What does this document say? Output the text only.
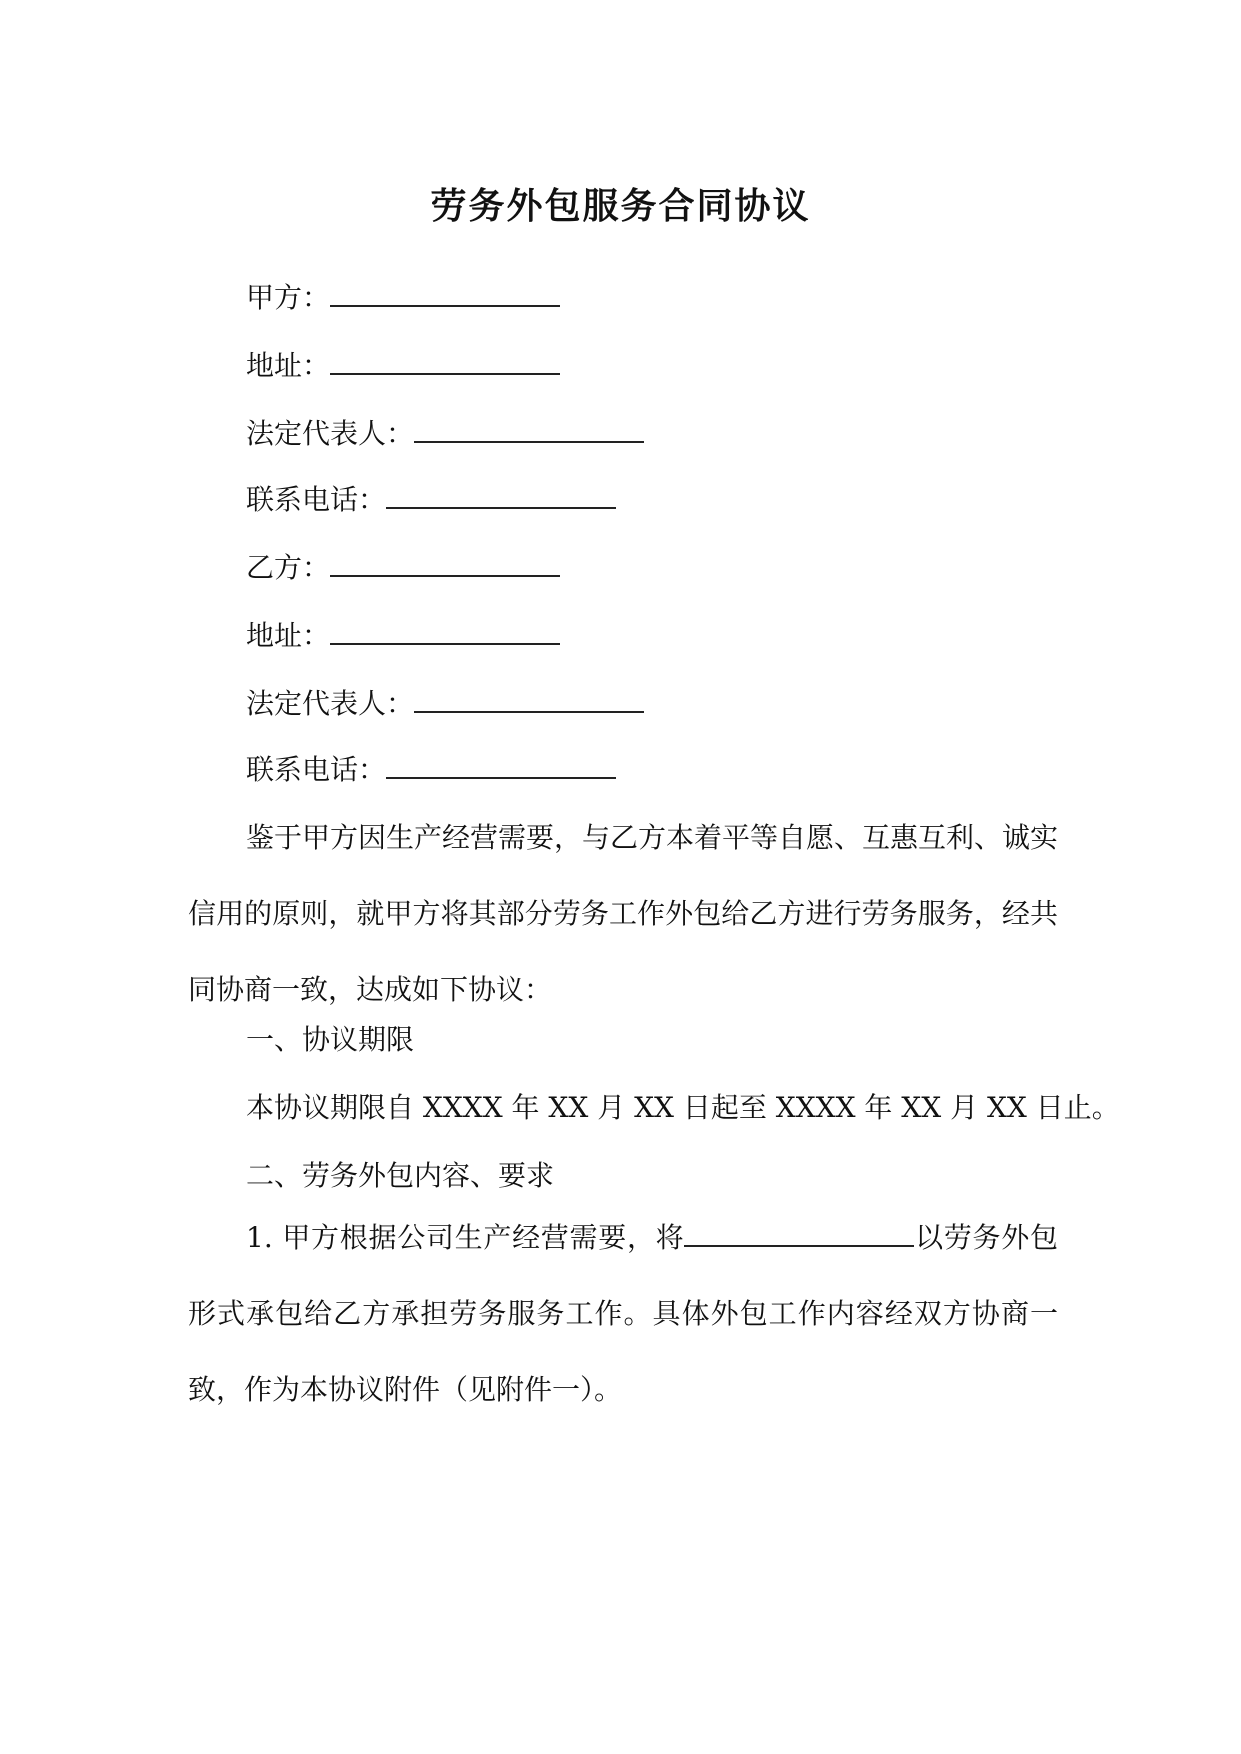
劳务外包服务合同协议

甲方：

地址：

法定代表人：

联系电话：

乙方：

地址：

法定代表人：

联系电话：

鉴于甲方因生产经营需要，与乙方本着平等自愿、互惠互利、诚实信用的原则，就甲方将其部分劳务工作外包给乙方进行劳务服务，经共同协商一致，达成如下协议：

一、协议期限

本协议期限自 XXXX 年 XX 月 XX 日起至 XXXX 年 XX 月 XX 日止。

二、劳务外包内容、要求

1. 甲方根据公司生产经营需要，将	以劳务外包形式承包给乙方承担劳务服务工作。具体外包工作内容经双方协商一致，作为本协议附件（见附件一）。
